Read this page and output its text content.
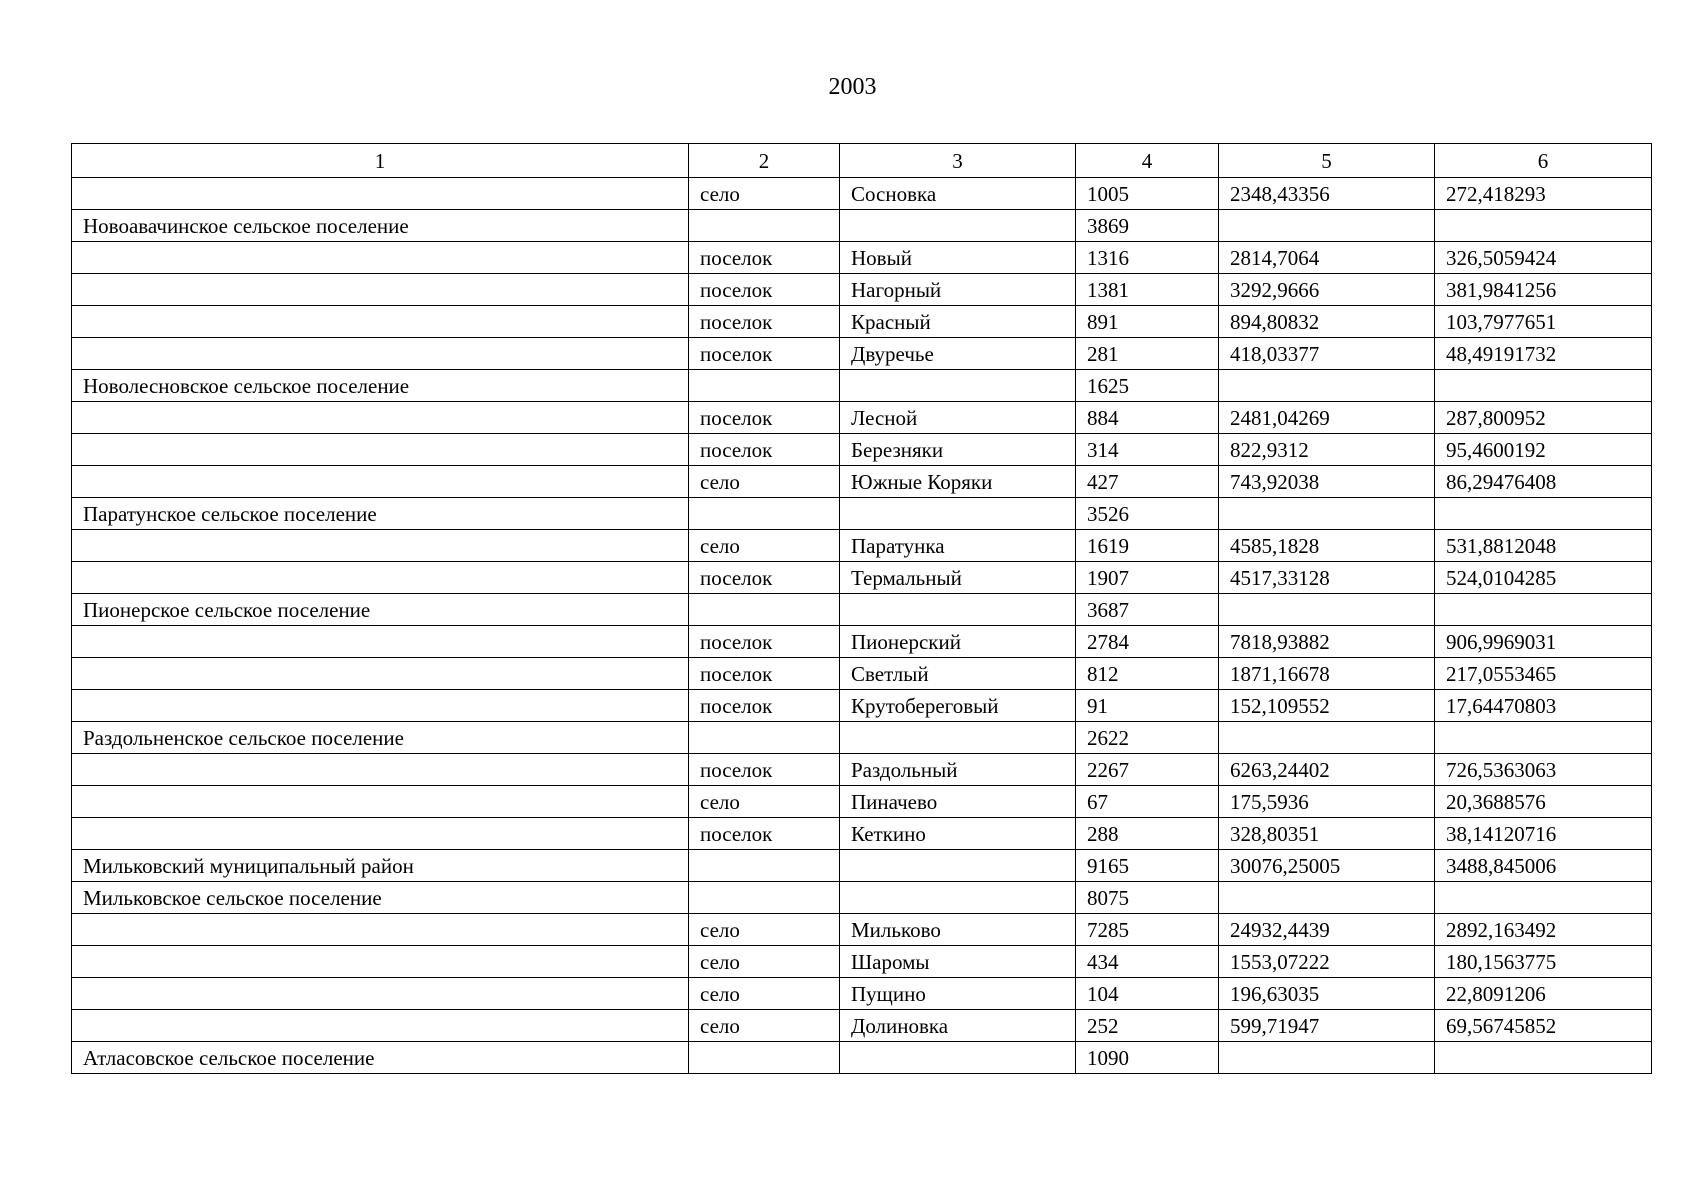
2003
1	2	3	4	5	6
	село	Сосновка	1005	2348,43356	272,418293
Новоавачинское сельское поселение			3869		
	поселок	Новый	1316	2814,7064	326,5059424
	поселок	Нагорный	1381	3292,9666	381,9841256
	поселок	Красный	891	894,80832	103,7977651
	поселок	Двуречье	281	418,03377	48,49191732
Новолесновское сельское поселение			1625		
	поселок	Лесной	884	2481,04269	287,800952
	поселок	Березняки	314	822,9312	95,4600192
	село	Южные Коряки	427	743,92038	86,29476408
Паратунское сельское поселение			3526		
	село	Паратунка	1619	4585,1828	531,8812048
	поселок	Термальный	1907	4517,33128	524,0104285
Пионерское сельское поселение			3687		
	поселок	Пионерский	2784	7818,93882	906,9969031
	поселок	Светлый	812	1871,16678	217,0553465
	поселок	Крутобереговый	91	152,109552	17,64470803
Раздольненское сельское поселение			2622		
	поселок	Раздольный	2267	6263,24402	726,5363063
	село	Пиначево	67	175,5936	20,3688576
	поселок	Кеткино	288	328,80351	38,14120716
Мильковский муниципальный район			9165	30076,25005	3488,845006
Мильковское сельское поселение			8075		
	село	Мильково	7285	24932,4439	2892,163492
	село	Шаромы	434	1553,07222	180,1563775
	село	Пущино	104	196,63035	22,8091206
	село	Долиновка	252	599,71947	69,56745852
Атласовское сельское поселение			1090		
